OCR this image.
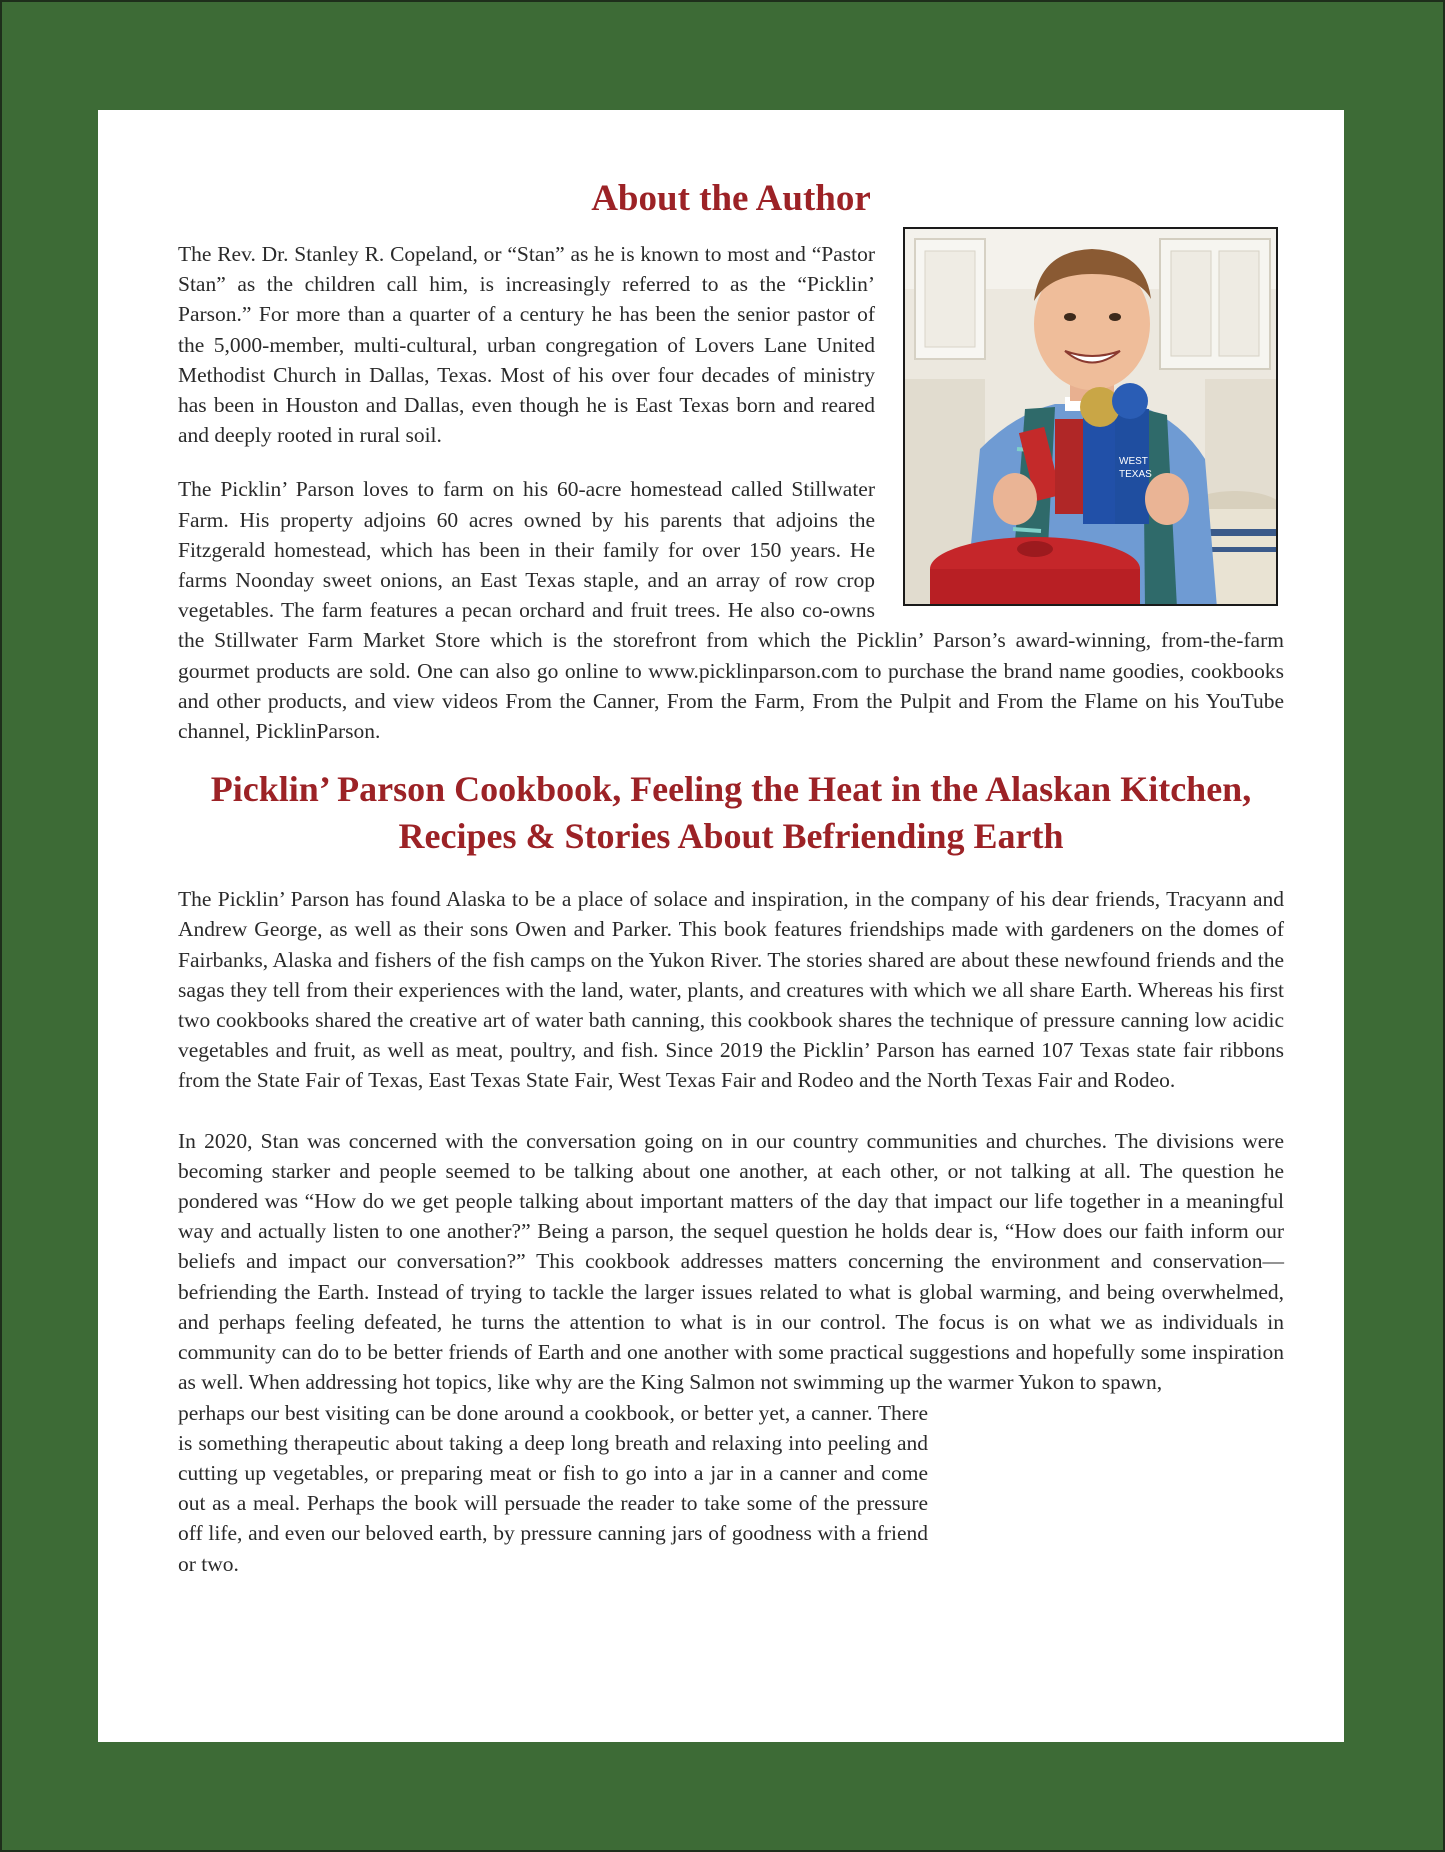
About the Author
WEST
TEXAS

The Rev. Dr. Stanley R. Copeland, or “Stan” as he is known to most and “Pastor Stan” as the children call him, is increasingly referred to as the “Picklin’ Parson.” For more than a quarter of a century he has been the senior pastor of the 5,000-member, multi-cultural, urban congregation of Lovers Lane United Methodist Church in Dallas, Texas. Most of his over four decades of ministry has been in Houston and Dallas, even though he is East Texas born and reared and deeply rooted in rural soil.

The Picklin’ Parson loves to farm on his 60-acre homestead called Stillwater Farm. His property adjoins 60 acres owned by his parents that adjoins the Fitzgerald homestead, which has been in their family for over 150 years. He farms Noonday sweet onions, an East Texas staple, and an array of row crop vegetables. The farm features a pecan orchard and fruit trees. He also co-owns the Stillwater Farm Market Store which is the storefront from which the Picklin’ Parson’s award-winning, from-the-farm gourmet products are sold. One can also go online to www.picklinparson.com to purchase the brand name goodies, cookbooks and other products, and view videos From the Canner, From the Farm, From the Pulpit and From the Flame on his YouTube channel, PicklinParson.

Picklin’ Parson Cookbook, Feeling the Heat in the Alaskan Kitchen,
Recipes & Stories About Befriending Earth

The Picklin’ Parson has found Alaska to be a place of solace and inspiration, in the company of his dear friends, Tracyann and Andrew George, as well as their sons Owen and Parker. This book features friendships made with gardeners on the domes of Fairbanks, Alaska and fishers of the fish camps on the Yukon River. The stories shared are about these newfound friends and the sagas they tell from their experiences with the land, water, plants, and creatures with which we all share Earth. Whereas his first two cookbooks shared the creative art of water bath canning, this cookbook shares the technique of pressure canning low acidic vegetables and fruit, as well as meat, poultry, and fish. Since 2019 the Picklin’ Parson has earned 107 Texas state fair ribbons from the State Fair of Texas, East Texas State Fair, West Texas Fair and Rodeo and the North Texas Fair and Rodeo.

In 2020, Stan was concerned with the conversation going on in our country communities and churches. The divisions were becoming starker and people seemed to be talking about one another, at each other, or not talking at all. The question he pondered was “How do we get people talking about important matters of the day that impact our life together in a meaningful way and actually listen to one another?” Being a parson, the sequel question he holds dear is, “How does our faith inform our beliefs and impact our conversation?” This cookbook addresses matters concerning the environment and conservation—befriending the Earth. Instead of trying to tackle the larger issues related to what is global warming, and being overwhelmed, and perhaps feeling defeated, he turns the attention to what is in our control. The focus is on what we as individuals in community can do to be better friends of Earth and one another with some practical suggestions and hopefully some inspiration as well. When addressing hot topics, like why are the King Salmon not swimming up the warmer Yukon to spawn,

perhaps our best visiting can be done around a cookbook, or better yet, a canner. There is something therapeutic about taking a deep long breath and relaxing into peeling and cutting up vegetables, or preparing meat or fish to go into a jar in a canner and come out as a meal. Perhaps the book will persuade the reader to take some of the pressure off life, and even our beloved earth, by pressure canning jars of goodness with a friend or two.
